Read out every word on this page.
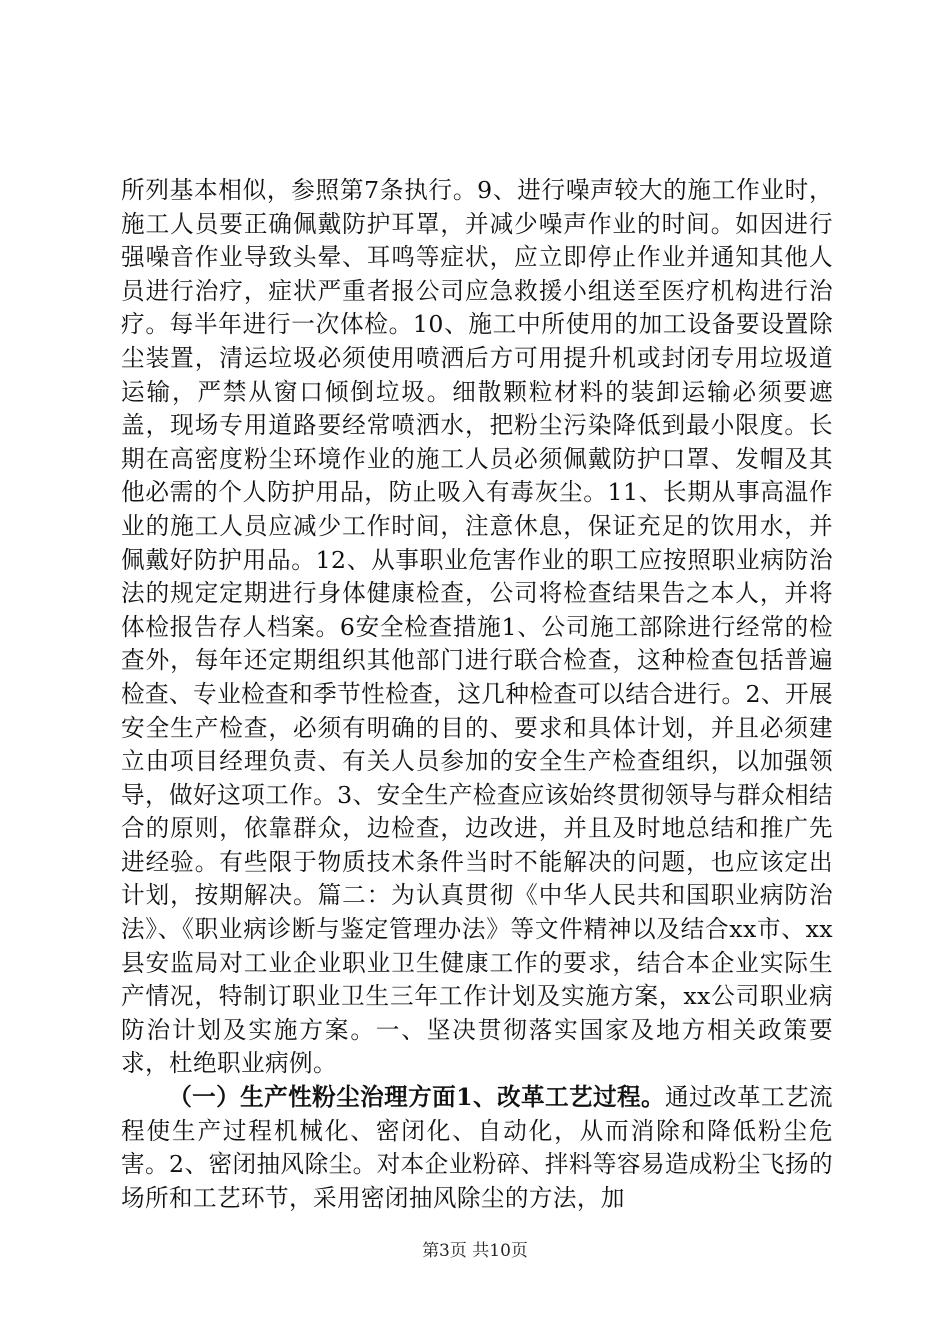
所列基本相似，参照第7条执行。9、进行噪声较大的施工作业时，施工人员要正确佩戴防护耳罩，并减少噪声作业的时间。如因进行强噪音作业导致头晕、耳鸣等症状，应立即停止作业并通知其他人员进行治疗，症状严重者报公司应急救援小组送至医疗机构进行治疗。每半年进行一次体检。10、施工中所使用的加工设备要设置除尘装置，清运垃圾必须使用喷洒后方可用提升机或封闭专用垃圾道运输，严禁从窗口倾倒垃圾。细散颗粒材料的装卸运输必须要遮盖，现场专用道路要经常喷洒水，把粉尘污染降低到最小限度。长期在高密度粉尘环境作业的施工人员必须佩戴防护口罩、发帽及其他必需的个人防护用品，防止吸入有毒灰尘。11、长期从事高温作业的施工人员应减少工作时间，注意休息，保证充足的饮用水，并佩戴好防护用品。12、从事职业危害作业的职工应按照职业病防治法的规定定期进行身体健康检查，公司将检查结果告之本人，并将体检报告存人档案。6安全检查措施1、公司施工部除进行经常的检查外，每年还定期组织其他部门进行联合检查，这种检查包括普遍检查、专业检查和季节性检查，这几种检查可以结合进行。2、开展安全生产检查，必须有明确的目的、要求和具体计划，并且必须建立由项目经理负责、有关人员参加的安全生产检查组织，以加强领导，做好这项工作。3、安全生产检查应该始终贯彻领导与群众相结合的原则，依靠群众，边检查，边改进，并且及时地总结和推广先进经验。有些限于物质技术条件当时不能解决的问题，也应该定出计划，按期解决。篇二：为认真贯彻《中华人民共和国职业病防治法》、《职业病诊断与鉴定管理办法》等文件精神以及结合xx市、xx县安监局对工业企业职业卫生健康工作的要求，结合本企业实际生产情况，特制订职业卫生三年工作计划及实施方案，xx公司职业病防治计划及实施方案。一、坚决贯彻落实国家及地方相关政策要求，杜绝职业病例。

（一）生产性粉尘治理方面1、改革工艺过程。通过改革工艺流程使生产过程机械化、密闭化、自动化，从而消除和降低粉尘危害。2、密闭抽风除尘。对本企业粉碎、拌料等容易造成粉尘飞扬的场所和工艺环节，采用密闭抽风除尘的方法，加

第3页 共10页
